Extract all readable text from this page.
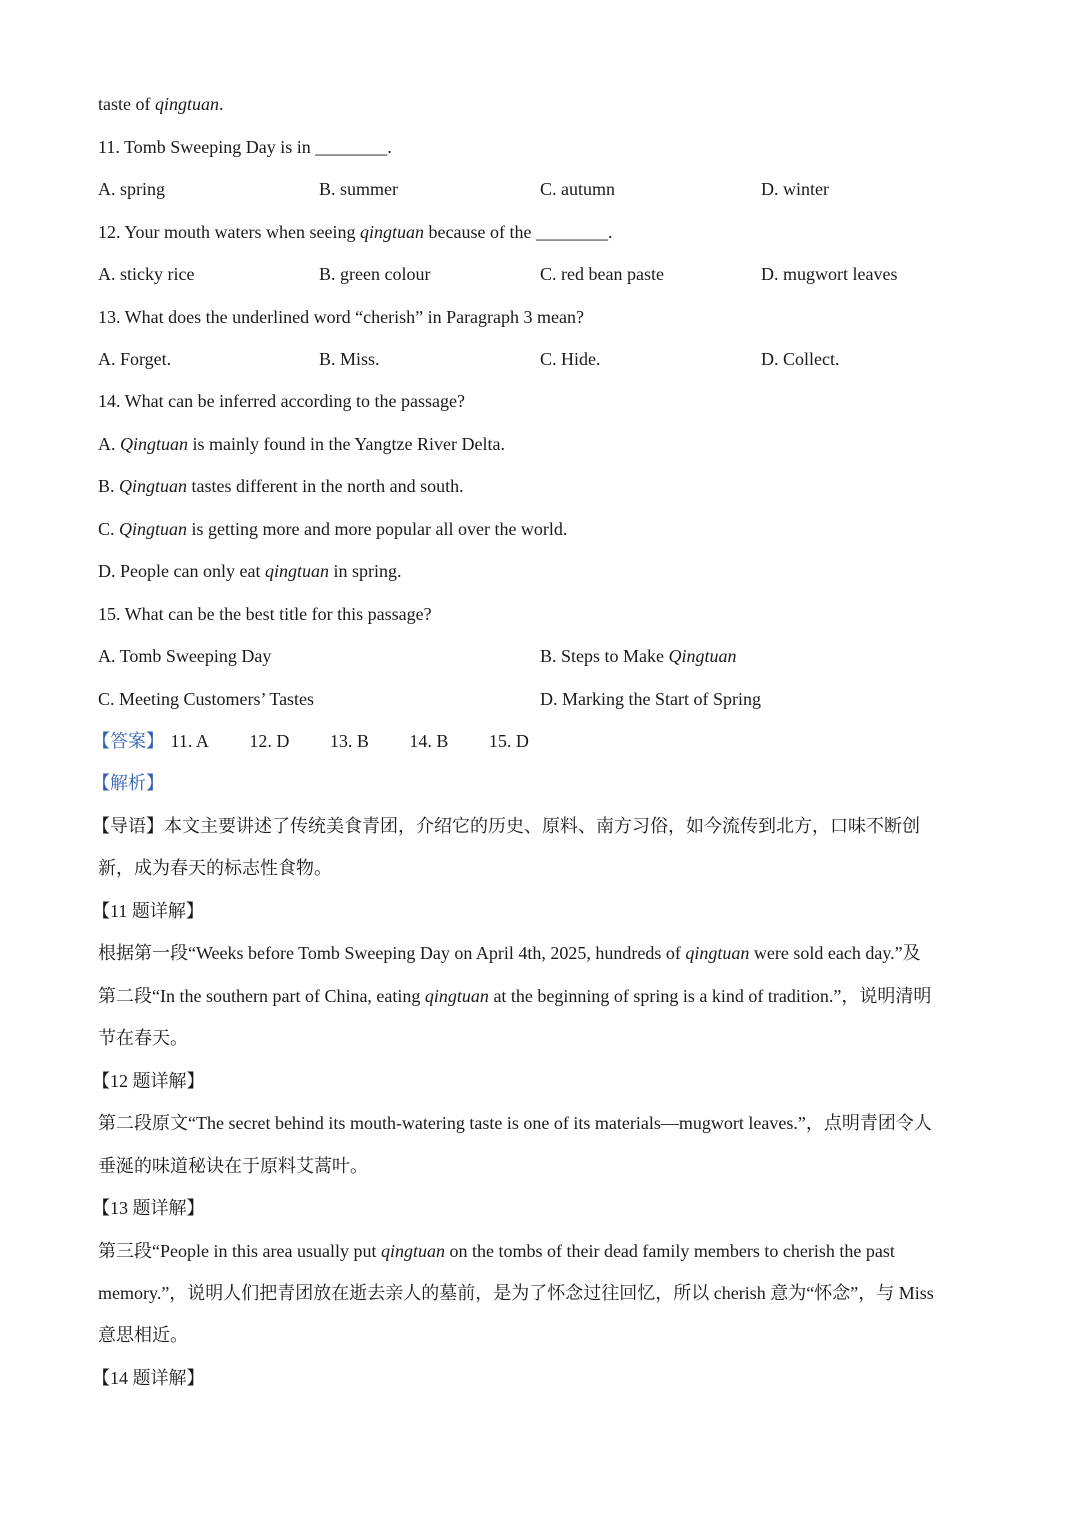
taste of qingtuan.
11. Tomb Sweeping Day is in ________.
A. spring	B. summer	C. autumn	D. winter
12. Your mouth waters when seeing qingtuan because of the ________.
A. sticky rice	B. green colour	C. red bean paste	D. mugwort leaves
13. What does the underlined word “cherish” in Paragraph 3 mean?
A. Forget.	B. Miss.	C. Hide.	D. Collect.
14. What can be inferred according to the passage?
A. Qingtuan is mainly found in the Yangtze River Delta.
B. Qingtuan tastes different in the north and south.
C. Qingtuan is getting more and more popular all over the world.
D. People can only eat qingtuan in spring.
15. What can be the best title for this passage?
A. Tomb Sweeping Day	B. Steps to Make Qingtuan
C. Meeting Customers’ Tastes	D. Marking the Start of Spring
【答案】 11. A 12. D 13. B 14. B 15. D
【解析】
【导语】本文主要讲述了传统美食青团，介绍它的历史、原料、南方习俗，如今流传到北方，口味不断创
新，成为春天的标志性食物。
【11 题详解】
根据第一段“Weeks before Tomb Sweeping Day on April 4th, 2025, hundreds of qingtuan were sold each day.”及
第二段“In the southern part of China, eating qingtuan at the beginning of spring is a kind of tradition.”，说明清明
节在春天。
【12 题详解】
第二段原文“The secret behind its mouth-watering taste is one of its materials—mugwort leaves.”，点明青团令人
垂涎的味道秘诀在于原料艾蒿叶。
【13 题详解】
第三段“People in this area usually put qingtuan on the tombs of their dead family members to cherish the past
memory.”，说明人们把青团放在逝去亲人的墓前，是为了怀念过往回忆，所以 cherish 意为“怀念”，与 Miss
意思相近。
【14 题详解】
